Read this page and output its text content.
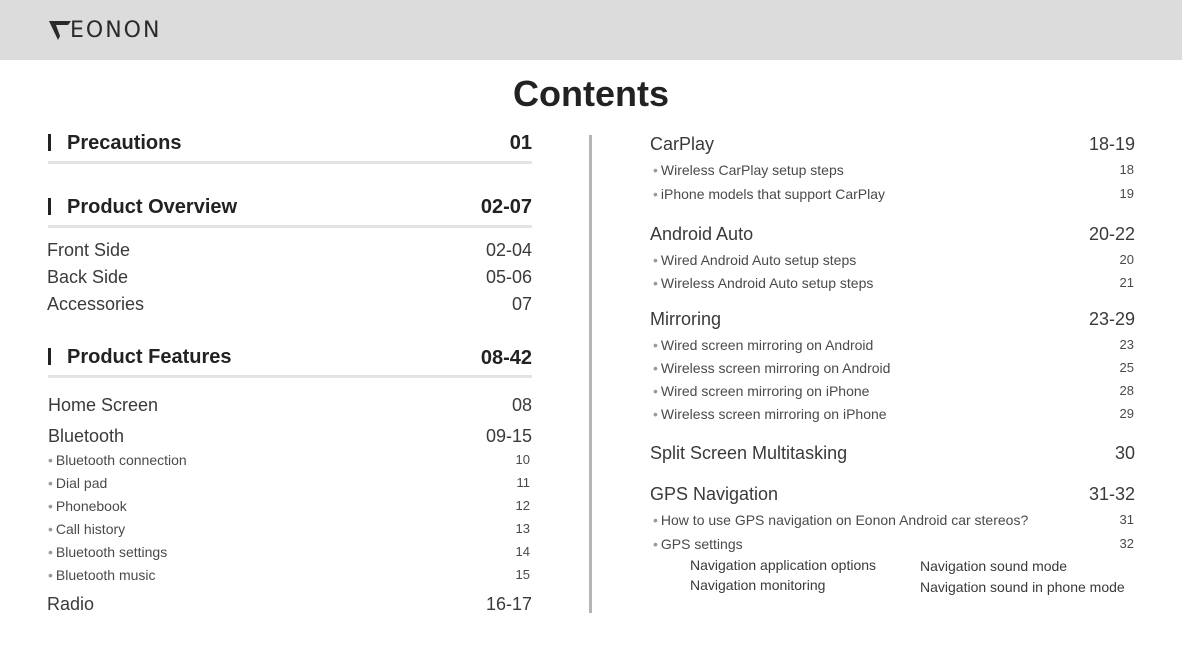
EONON
Contents
Precautions	01
Product Overview	02-07
Front Side	02-04
Back Side	05-06
Accessories	07
Product Features	08-42
Home Screen	08
Bluetooth	09-15
• Bluetooth connection	10
• Dial pad	11
• Phonebook	12
• Call history	13
• Bluetooth settings	14
• Bluetooth music	15
Radio	16-17
CarPlay	18-19
• Wireless CarPlay setup steps	18
• iPhone models that support CarPlay	19
Android Auto	20-22
• Wired Android Auto setup steps	20
• Wireless Android Auto setup steps	21
Mirroring	23-29
• Wired screen mirroring on Android	23
• Wireless screen mirroring on Android	25
• Wired screen mirroring on iPhone	28
• Wireless screen mirroring on iPhone	29
Split Screen Multitasking	30
GPS Navigation	31-32
• How to use GPS navigation on Eonon Android car stereos?	31
• GPS settings	32
Navigation application options	Navigation sound mode
Navigation monitoring	Navigation sound in phone mode
